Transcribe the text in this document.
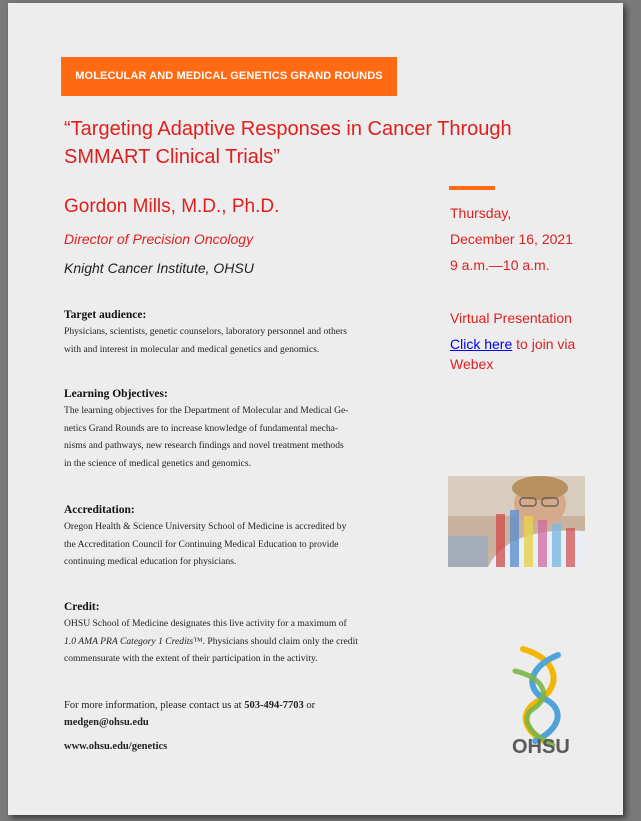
MOLECULAR AND MEDICAL GENETICS GRAND ROUNDS
“Targeting Adaptive Responses in Cancer Through
SMMART Clinical Trials”
Gordon Mills, M.D., Ph.D.
Director of Precision Oncology
Knight Cancer Institute, OHSU
Thursday,
December 16, 2021
9 a.m.—10 a.m.
Virtual Presentation
Click here to join via
Webex
Target audience:
Physicians, scientists, genetic counselors, laboratory personnel and others
with and interest in molecular and medical genetics and genomics.
Learning Objectives:
The learning objectives for the Department of Molecular and Medical Ge-
netics Grand Rounds are to increase knowledge of fundamental mecha-
nisms and pathways, new research findings and novel treatment methods
in the science of medical genetics and genomics.
Accreditation:
Oregon Health & Science University School of Medicine is accredited by
the Accreditation Council for Continuing Medical Education to provide
continuing medical education for physicians.
Credit:
OHSU School of Medicine designates this live activity for a maximum of
1.0 AMA PRA Category 1 Credits™. Physicians should claim only the credit
commensurate with the extent of their participation in the activity.
For more information, please contact us at 503-494-7703 or
medgen@ohsu.edu
www.ohsu.edu/genetics	OHSU
